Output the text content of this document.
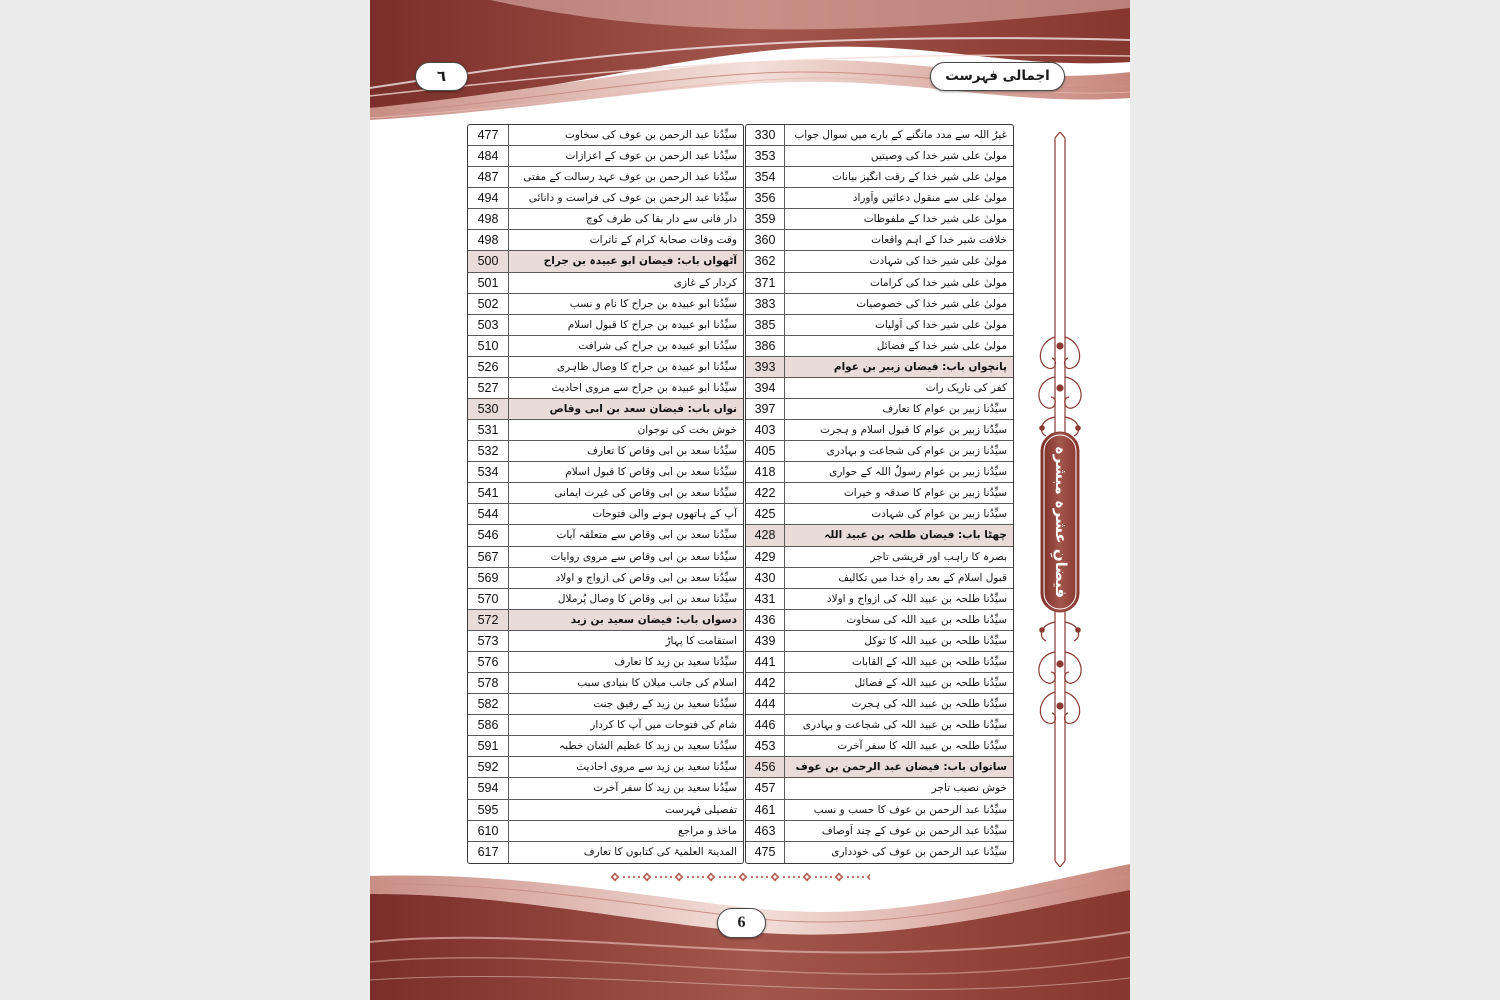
اجمالی فہرست
٦
غیرُ اللہ سے مدد مانگنے کے بارے میں سوال جواب
330
مولیٰ علی شیر خدا کی وصیتیں
353
مولیٰ علی شیر خدا کے رقت انگیز بیانات
354
مولیٰ علی سے منقول دعائیں واَوراد
356
مولیٰ علی شیر خدا کے ملفوظات
359
خلافت شیر خدا کے اہم واقعات
360
مولیٰ علی شیر خدا کی شہادت
362
مولیٰ علی شیر خدا کی کرامات
371
مولیٰ علی شیر خدا کی خصوصیات
383
مولیٰ علی شیر خدا کی اَولیات
385
مولیٰ علی شیر خدا کے فضائل
386
پانچواں باب: فیضان زبیر بن عوام
393
کفر کی تاریک رات
394
سیِّدُنا زبیر بن عوام کا تعارف
397
سیِّدُنا زبیر بن عوام کا قبول اسلام و ہجرت
403
سیِّدُنا زبیر بن عوام کی شجاعت و بہادری
405
سیِّدُنا زبیر بن عوام رسولُ اللہ کے حواری
418
سیِّدُنا زبیر بن عوام کا صدقہ و خیرات
422
سیِّدُنا زبیر بن عوام کی شہادت
425
چھٹا باب: فیضان طلحہ بن عبید اللہ
428
بصرہ کا راہب اور قریشی تاجر
429
قبول اسلام کے بعد راہِ خدا میں تکالیف
430
سیِّدُنا طلحہ بن عبید اللہ کی ازواج و اولاد
431
سیِّدُنا طلحہ بن عبید اللہ کی سخاوت
436
سیِّدُنا طلحہ بن عبید اللہ کا توکل
439
سیِّدُنا طلحہ بن عبید اللہ کے القابات
441
سیِّدُنا طلحہ بن عبید اللہ کے فضائل
442
سیِّدُنا طلحہ بن عبید اللہ کی ہجرت
444
سیِّدُنا طلحہ بن عبید اللہ کی شجاعت و بہادری
446
سیِّدُنا طلحہ بن عبید اللہ کا سفر آخرت
453
ساتواں باب: فیضان عبد الرحمن بن عوف
456
خوش نصیب تاجر
457
سیِّدُنا عبد الرحمن بن عوف کا حسب و نسب
461
سیِّدُنا عبد الرحمن بن عوف کے چند اَوصاف
463
سیِّدُنا عبد الرحمن بن عوف کی خودداری
475
سیِّدُنا عبد الرحمن بن عوف کی سخاوت
477
سیِّدُنا عبد الرحمن بن عوف کے اعزازات
484
سیِّدُنا عبد الرحمن بن عوف عہد رسالت کے مفتی
487
سیِّدُنا عبد الرحمن بن عوف کی فراست و دانائی
494
دار فانی سے دار بقا کی طرف کوچ
498
وقت وفات صحابۂ کرام کے تاثرات
498
آٹھواں باب: فیضان ابو عبیدہ بن جراح
500
کردار کے غازی
501
سیِّدُنا ابو عبیدہ بن جراح کا نام و نسب
502
سیِّدُنا ابو عبیدہ بن جراح کا قبول اسلام
503
سیِّدُنا ابو عبیدہ بن جراح کی شرافت
510
سیِّدُنا ابو عبیدہ بن جراح کا وصال ظاہری
526
سیِّدُنا ابو عبیدہ بن جراح سے مروی احادیث
527
نواں باب: فیضان سعد بن ابی وقاص
530
خوش بخت کی نوجوان
531
سیِّدُنا سعد بن ابی وقاص کا تعارف
532
سیِّدُنا سعد بن ابی وقاص کا قبول اسلام
534
سیِّدُنا سعد بن ابی وقاص کی غیرت ایمانی
541
آپ کے ہاتھوں ہونے والی فتوحات
544
سیِّدُنا سعد بن ابی وقاص سے متعلقہ آیات
546
سیِّدُنا سعد بن ابی وقاص سے مروی روایات
567
سیِّدُنا سعد بن ابی وقاص کی ازواج و اولاد
569
سیِّدُنا سعد بن ابی وقاص کا وصال پُرملال
570
دسواں باب: فیضان سعید بن زید
572
استقامت کا پہاڑ
573
سیِّدُنا سعید بن زید کا تعارف
576
اسلام کی جانب میلان کا بنیادی سبب
578
سیِّدُنا سعید بن زید کے رفیق جنت
582
شام کی فتوحات میں آپ کا کردار
586
سیِّدُنا سعید بن زید کا عظیم الشان خطبہ
591
سیِّدُنا سعید بن زید سے مروی احادیث
592
سیِّدُنا سعید بن زید کا سفر آخرت
594
تفصیلی فہرست
595
ماخذ و مراجع
610
المدینۃ العلمیۃ کی کتابوں کا تعارف
617
فیضانِ عشرہ مبشرہ
6
